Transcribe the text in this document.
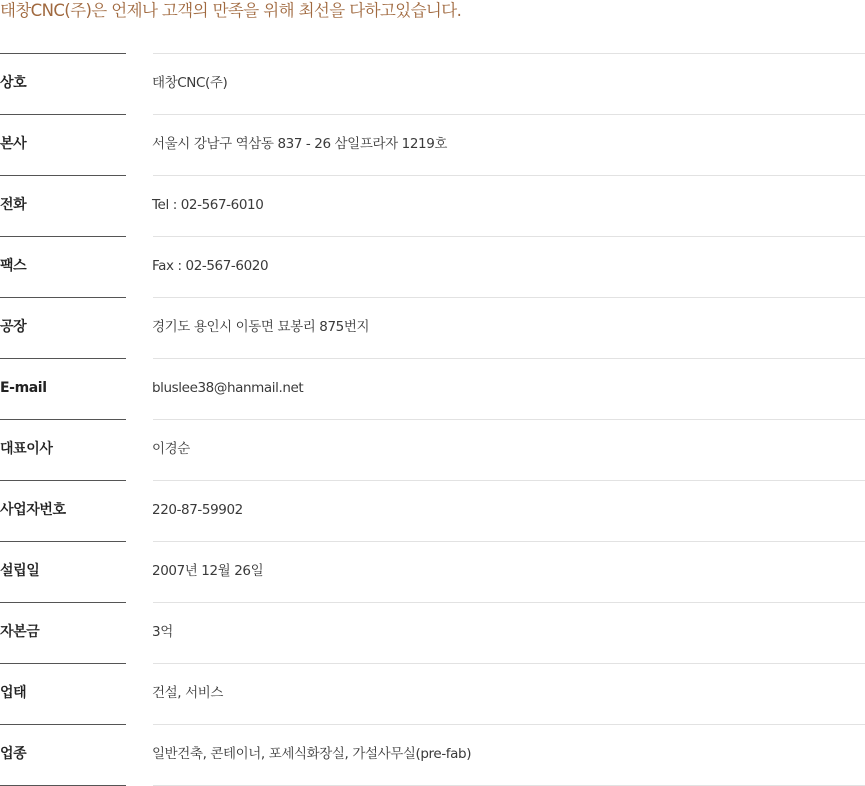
태창CNC(주)은 언제나 고객의 만족을 위해 최선을 다하고있습니다.
상호	태창CNC(주)
본사	서울시 강남구 역삼동 837 - 26 삼일프라자 1219호
전화	Tel : 02-567-6010
팩스	Fax : 02-567-6020
공장	경기도 용인시 이동면 묘봉리 875번지
E-mail	bluslee38@hanmail.net
대표이사	이경순
사업자번호	220-87-59902
설립일	2007년 12월 26일
자본금	3억
업태	건설, 서비스
업종	일반건축, 콘테이너, 포세식화장실, 가설사무실(pre-fab)
